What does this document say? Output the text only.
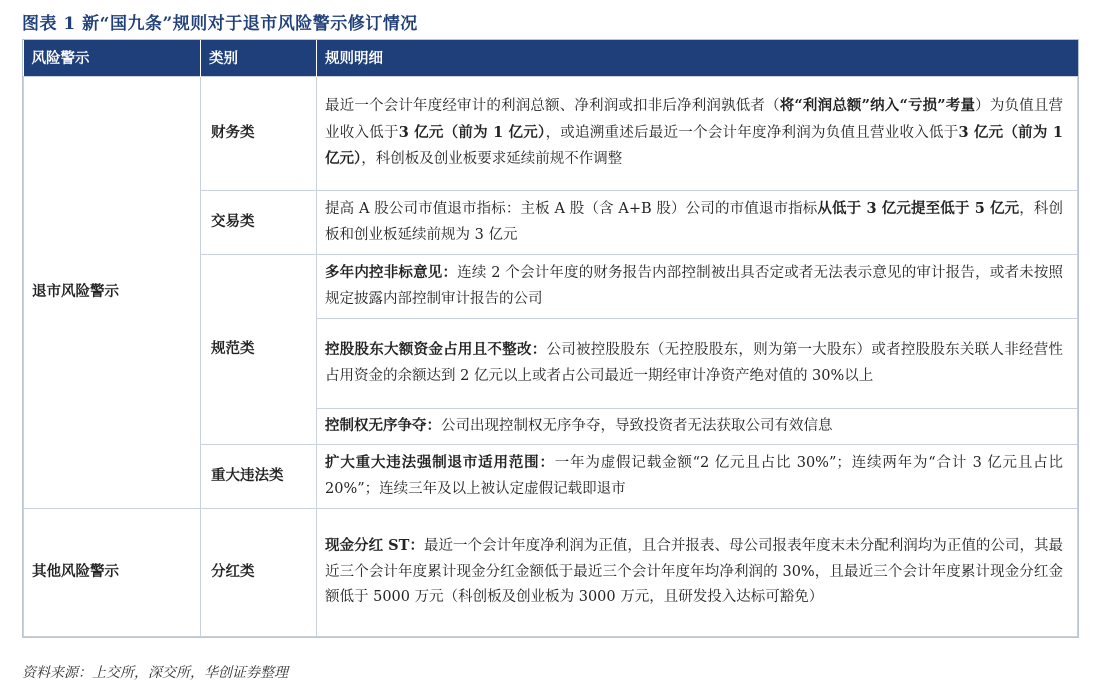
图表 1 新“国九条”规则对于退市风险警示修订情况
风险警示	类别	规则明细
退市风险警示	财务类	最近一个会计年度经审计的利润总额、净利润或扣非后净利润孰低者（将“利润总额”纳入“亏损”考量）为负值且营业收入低于3 亿元（前为 1 亿元），或追溯重述后最近一个会计年度净利润为负值且营业收入低于3 亿元（前为 1 亿元），科创板及创业板要求延续前规不作调整
	交易类	提高 A 股公司市值退市指标：主板 A 股（含 A+B 股）公司的市值退市指标从低于 3 亿元提至低于 5 亿元，科创板和创业板延续前规为 3 亿元
	规范类	多年内控非标意见：连续 2 个会计年度的财务报告内部控制被出具否定或者无法表示意见的审计报告，或者未按照规定披露内部控制审计报告的公司
		控股股东大额资金占用且不整改：公司被控股股东（无控股股东，则为第一大股东）或者控股股东关联人非经营性占用资金的余额达到 2 亿元以上或者占公司最近一期经审计净资产绝对值的 30%以上
		控制权无序争夺：公司出现控制权无序争夺，导致投资者无法获取公司有效信息
	重大违法类	扩大重大违法强制退市适用范围：一年为虚假记载金额“2 亿元且占比 30%”；连续两年为“合计 3 亿元且占比 20%”；连续三年及以上被认定虚假记载即退市
其他风险警示	分红类	现金分红 ST：最近一个会计年度净利润为正值，且合并报表、母公司报表年度末未分配利润均为正值的公司，其最近三个会计年度累计现金分红金额低于最近三个会计年度年均净利润的 30%，且最近三个会计年度累计现金分红金额低于 5000 万元（科创板及创业板为 3000 万元，且研发投入达标可豁免）
资料来源：上交所，深交所，华创证券整理
